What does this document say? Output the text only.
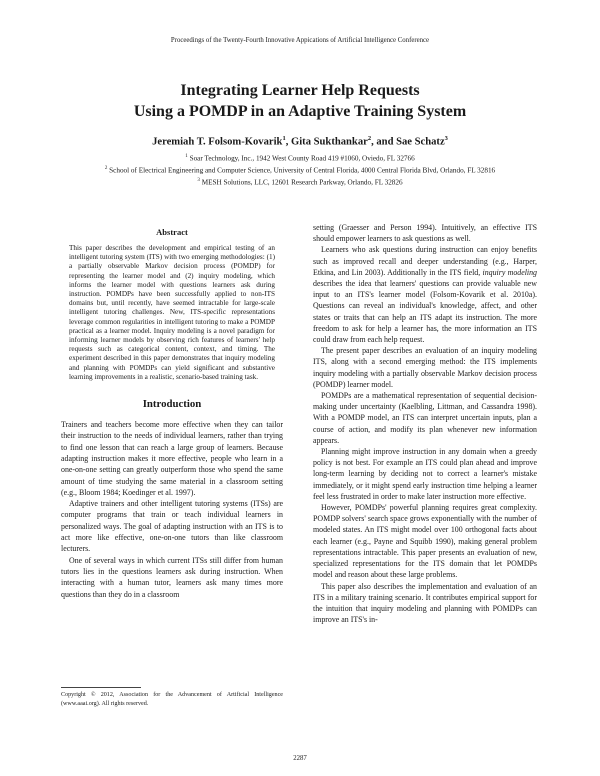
Proceedings of the Twenty-Fourth Innovative Appications of Artificial Intelligence Conference
Integrating Learner Help Requests
Using a POMDP in an Adaptive Training System
Jeremiah T. Folsom-Kovarik$^1$, Gita Sukthankar$^2$, and Sae Schatz$^3$
$^1$ Soar Technology, Inc., 1942 West County Road 419 #1060, Oviedo, FL 32766
$^2$ School of Electrical Engineering and Computer Science, University of Central Florida, 4000 Central Florida Blvd, Orlando, FL 32816
$^3$ MESH Solutions, LLC, 12601 Research Parkway, Orlando, FL 32826
Abstract
This paper describes the development and empirical testing of an intelligent tutoring system (ITS) with two emerging methodologies: (1) a partially observable Markov decision process (POMDP) for representing the learner model and (2) inquiry modeling, which informs the learner model with questions learners ask during instruction. POMDPs have been successfully applied to non-ITS domains but, until recently, have seemed intractable for large-scale intelligent tutoring challenges. New, ITS-specific representations leverage common regularities in intelligent tutoring to make a POMDP practical as a learner model. Inquiry modeling is a novel paradigm for informing learner models by observing rich features of learners' help requests such as categorical content, context, and timing. The experiment described in this paper demonstrates that inquiry modeling and planning with POMDPs can yield significant and substantive learning improvements in a realistic, scenario-based training task.
Introduction

Trainers and teachers become more effective when they can tailor their instruction to the needs of individual learners, rather than trying to find one lesson that can reach a large group of learners. Because adapting instruction makes it more effective, people who learn in a one-on-one setting can greatly outperform those who spend the same amount of time studying the same material in a classroom setting (e.g., Bloom 1984; Koedinger et al. 1997).

Adaptive trainers and other intelligent tutoring systems (ITSs) are computer programs that train or teach individual learners in personalized ways. The goal of adapting instruction with an ITS is to act more like effective, one-on-one tutors than like classroom lecturers.

One of several ways in which current ITSs still differ from human tutors lies in the questions learners ask during instruction. When interacting with a human tutor, learners ask many times more questions than they do in a classroom

setting (Graesser and Person 1994). Intuitively, an effective ITS should empower learners to ask questions as well.

Learners who ask questions during instruction can enjoy benefits such as improved recall and deeper understanding (e.g., Harper, Etkina, and Lin 2003). Additionally in the ITS field, inquiry modeling describes the idea that learners' questions can provide valuable new input to an ITS's learner model (Folsom-Kovarik et al. 2010a). Questions can reveal an individual's knowledge, affect, and other states or traits that can help an ITS adapt its instruction. The more freedom to ask for help a learner has, the more information an ITS could draw from each help request.

The present paper describes an evaluation of an inquiry modeling ITS, along with a second emerging method: the ITS implements inquiry modeling with a partially observable Markov decision process (POMDP) learner model.

POMDPs are a mathematical representation of sequential decision-making under uncertainty (Kaelbling, Littman, and Cassandra 1998). With a POMDP model, an ITS can interpret uncertain inputs, plan a course of action, and modify its plan whenever new information appears.

Planning might improve instruction in any domain when a greedy policy is not best. For example an ITS could plan ahead and improve long-term learning by deciding not to correct a learner's mistake immediately, or it might spend early instruction time helping a learner feel less frustrated in order to make later instruction more effective.

However, POMDPs' powerful planning requires great complexity. POMDP solvers' search space grows exponentially with the number of modeled states. An ITS might model over 100 orthogonal facts about each learner (e.g., Payne and Squibb 1990), making general problem representations intractable. This paper presents an evaluation of new, specialized representations for the ITS domain that let POMDPs model and reason about these large problems.

This paper also describes the implementation and evaluation of an ITS in a military training scenario. It contributes empirical support for the intuition that inquiry modeling and planning with POMDPs can improve an ITS's in-

Copyright © 2012, Association for the Advancement of Artificial Intelligence (www.aaai.org). All rights reserved.
2287
